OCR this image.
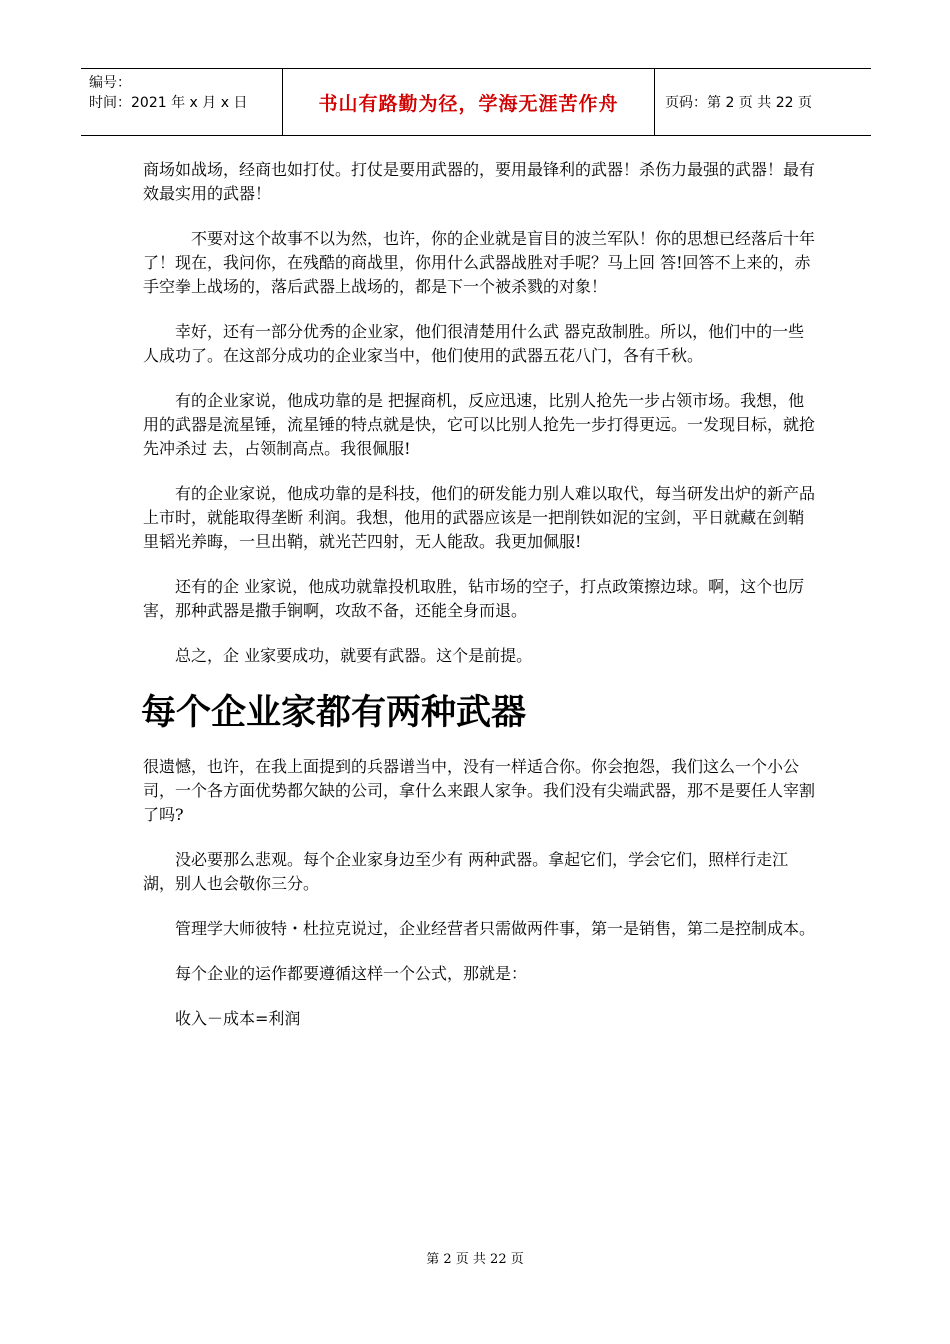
编号：
时间：2021 年 x 月 x 日	书山有路勤为径，学海无涯苦作舟	页码：第 2 页 共 22 页

商场如战场，经商也如打仗。打仗是要用武器的，要用最锋利的武器！杀伤力最强的武器！最有效最实用的武器！

不要对这个故事不以为然，也许，你的企业就是盲目的波兰军队！你的思想已经落后十年了！现在，我问你，在残酷的商战里，你用什么武器战胜对手呢？马上回 答!回答不上来的，赤手空拳上战场的，落后武器上战场的，都是下一个被杀戮的对象！

幸好，还有一部分优秀的企业家，他们很清楚用什么武 器克敌制胜。所以，他们中的一些人成功了。在这部分成功的企业家当中，他们使用的武器五花八门，各有千秋。

有的企业家说，他成功靠的是 把握商机，反应迅速，比别人抢先一步占领市场。我想，他用的武器是流星锤，流星锤的特点就是快，它可以比别人抢先一步打得更远。一发现目标，就抢先冲杀过 去，占领制高点。我很佩服!

有的企业家说，他成功靠的是科技，他们的研发能力别人难以取代，每当研发出炉的新产品上市时，就能取得垄断 利润。我想，他用的武器应该是一把削铁如泥的宝剑，平日就藏在剑鞘里韬光养晦，一旦出鞘，就光芒四射，无人能敌。我更加佩服!

还有的企 业家说，他成功就靠投机取胜，钻市场的空子，打点政策擦边球。啊，这个也厉害，那种武器是撒手锏啊，攻敌不备，还能全身而退。

总之，企 业家要成功，就要有武器。这个是前提。

每个企业家都有两种武器

很遗憾，也许，在我上面提到的兵器谱当中，没有一样适合你。你会抱怨，我们这么一个小公 司，一个各方面优势都欠缺的公司，拿什么来跟人家争。我们没有尖端武器，那不是要任人宰割了吗?

没必要那么悲观。每个企业家身边至少有 两种武器。拿起它们，学会它们，照样行走江湖，别人也会敬你三分。

管理学大师彼特・杜拉克说过，企业经营者只需做两件事，第一是销售，第二是控制成本。

每个企业的运作都要遵循这样一个公式，那就是：

收入－成本=利润

第 2 页 共 22 页
